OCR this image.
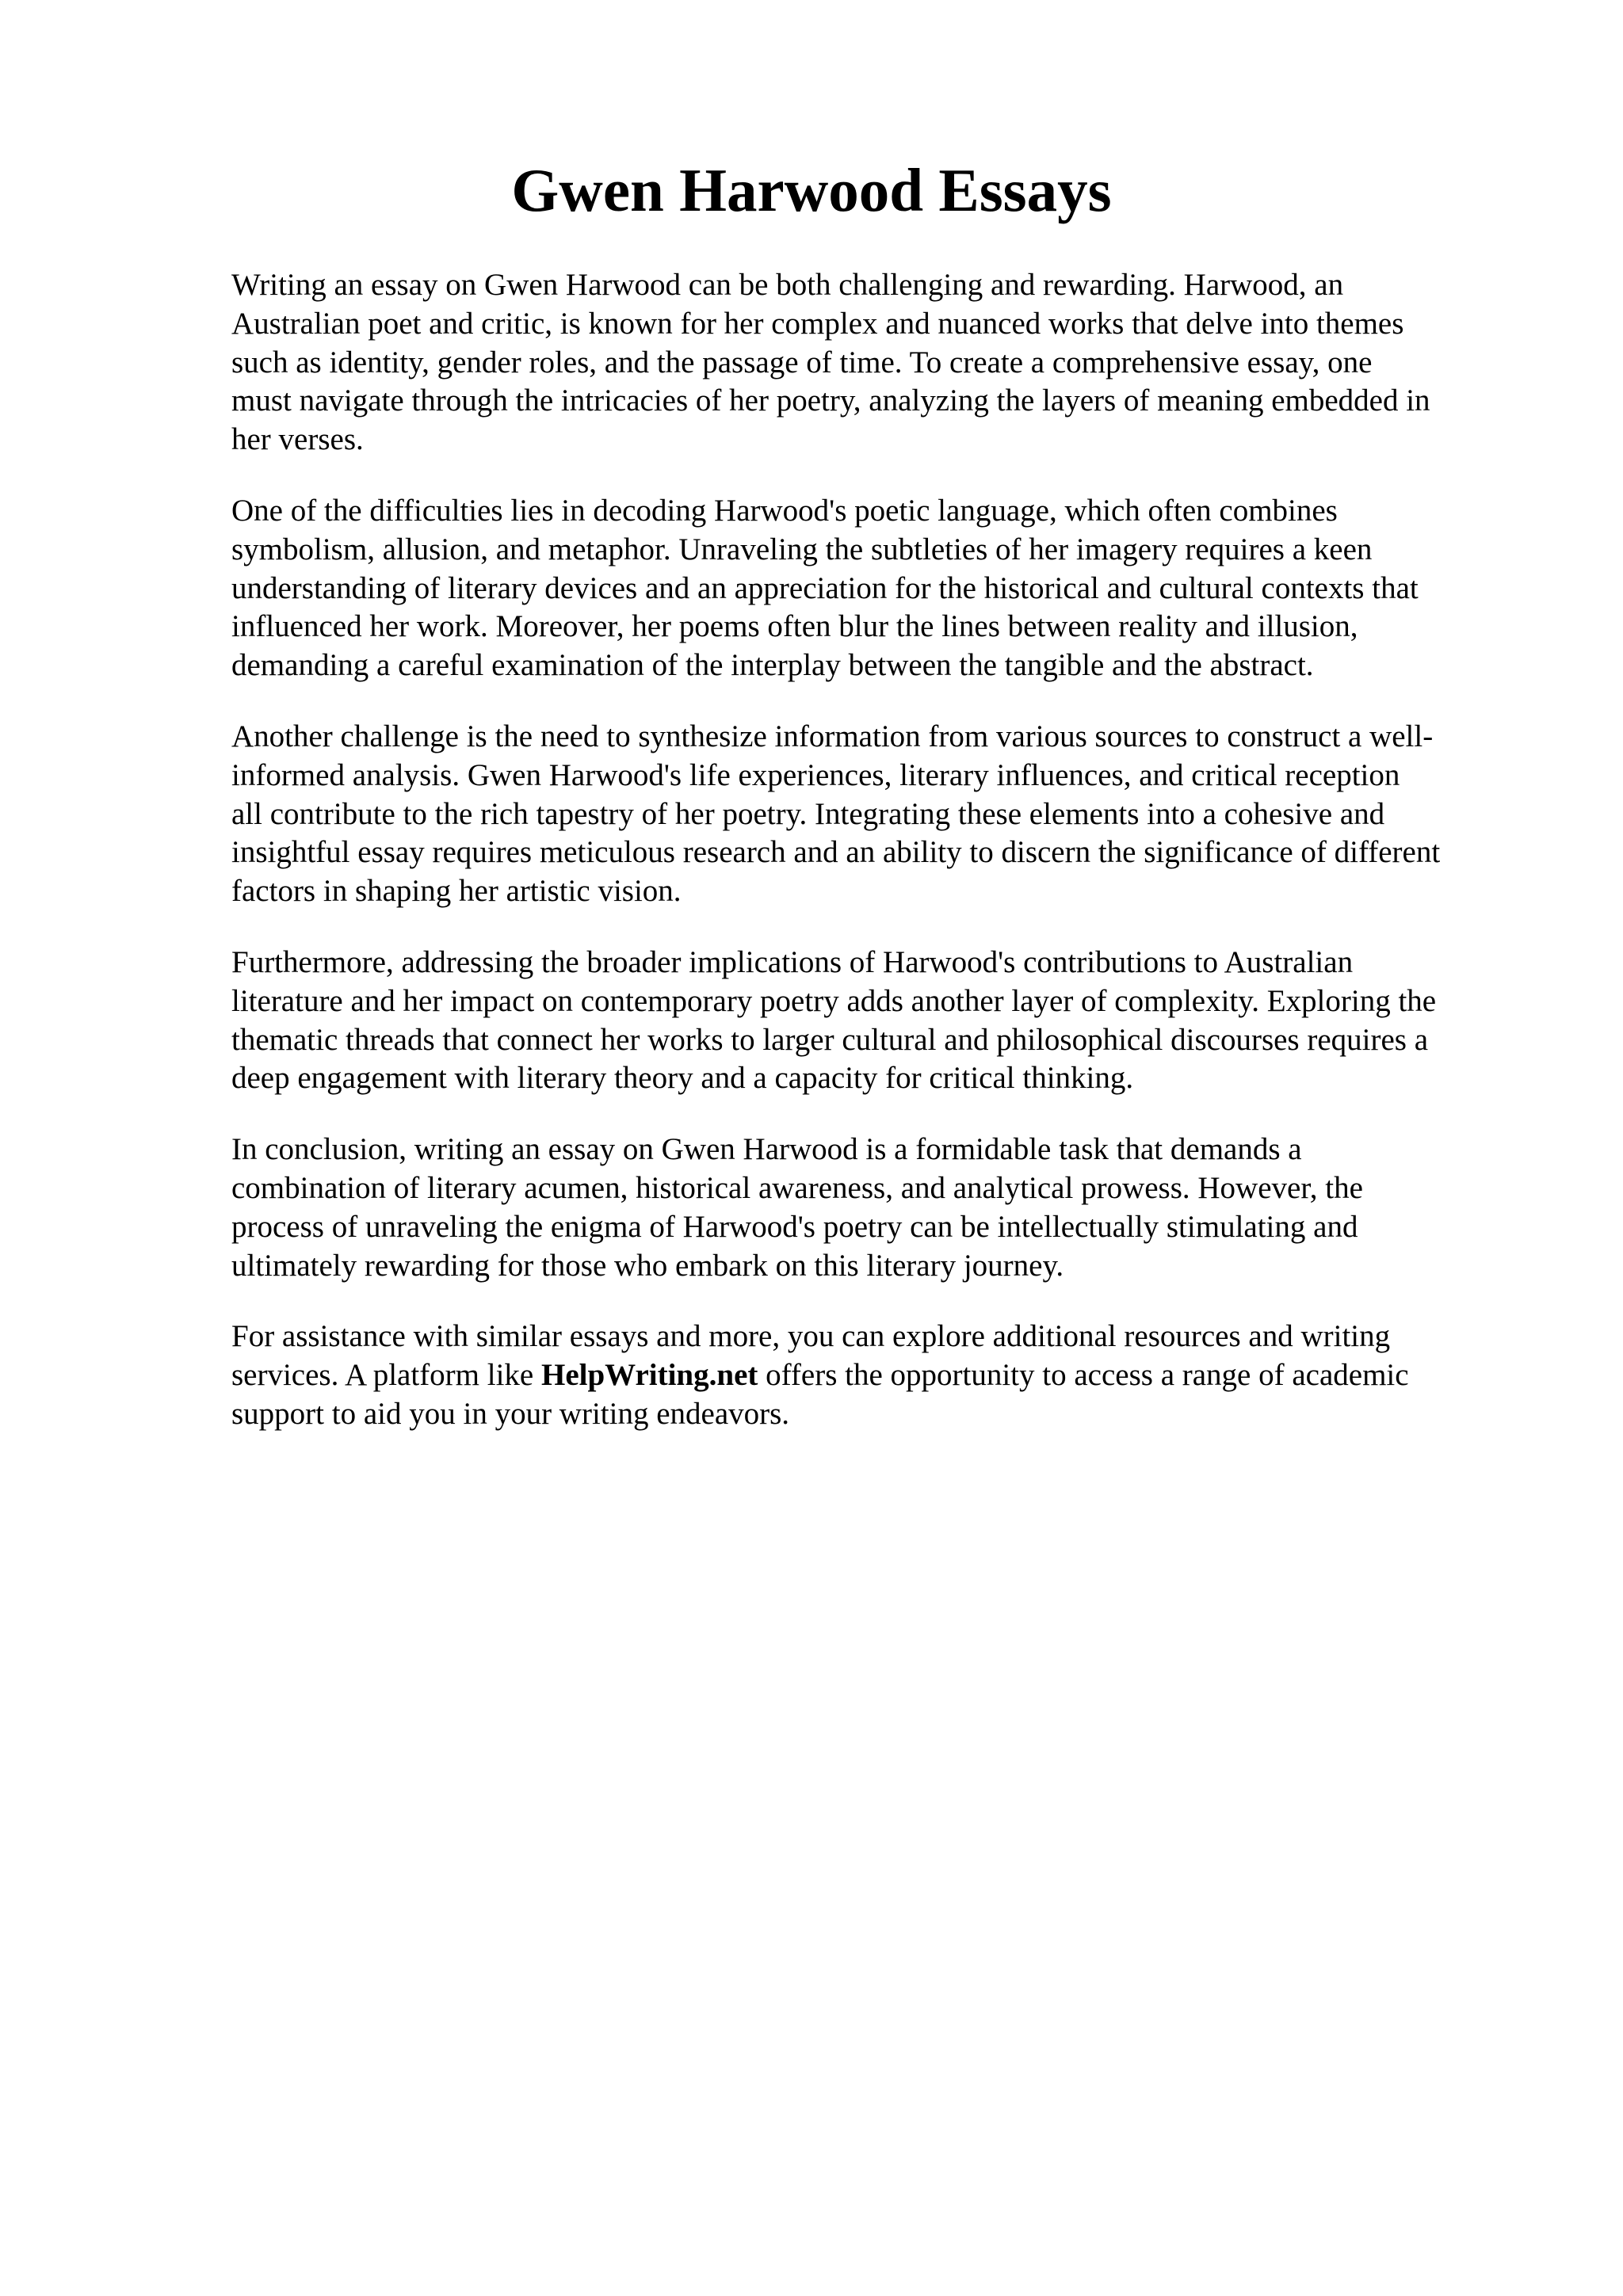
Gwen Harwood Essays

Writing an essay on Gwen Harwood can be both challenging and rewarding. Harwood, an
Australian poet and critic, is known for her complex and nuanced works that delve into themes
such as identity, gender roles, and the passage of time. To create a comprehensive essay, one
must navigate through the intricacies of her poetry, analyzing the layers of meaning embedded in
her verses.

One of the difficulties lies in decoding Harwood's poetic language, which often combines
symbolism, allusion, and metaphor. Unraveling the subtleties of her imagery requires a keen
understanding of literary devices and an appreciation for the historical and cultural contexts that
influenced her work. Moreover, her poems often blur the lines between reality and illusion,
demanding a careful examination of the interplay between the tangible and the abstract.

Another challenge is the need to synthesize information from various sources to construct a well-
informed analysis. Gwen Harwood's life experiences, literary influences, and critical reception
all contribute to the rich tapestry of her poetry. Integrating these elements into a cohesive and
insightful essay requires meticulous research and an ability to discern the significance of different
factors in shaping her artistic vision.

Furthermore, addressing the broader implications of Harwood's contributions to Australian
literature and her impact on contemporary poetry adds another layer of complexity. Exploring the
thematic threads that connect her works to larger cultural and philosophical discourses requires a
deep engagement with literary theory and a capacity for critical thinking.

In conclusion, writing an essay on Gwen Harwood is a formidable task that demands a
combination of literary acumen, historical awareness, and analytical prowess. However, the
process of unraveling the enigma of Harwood's poetry can be intellectually stimulating and
ultimately rewarding for those who embark on this literary journey.

For assistance with similar essays and more, you can explore additional resources and writing
services. A platform like HelpWriting.net offers the opportunity to access a range of academic
support to aid you in your writing endeavors.
